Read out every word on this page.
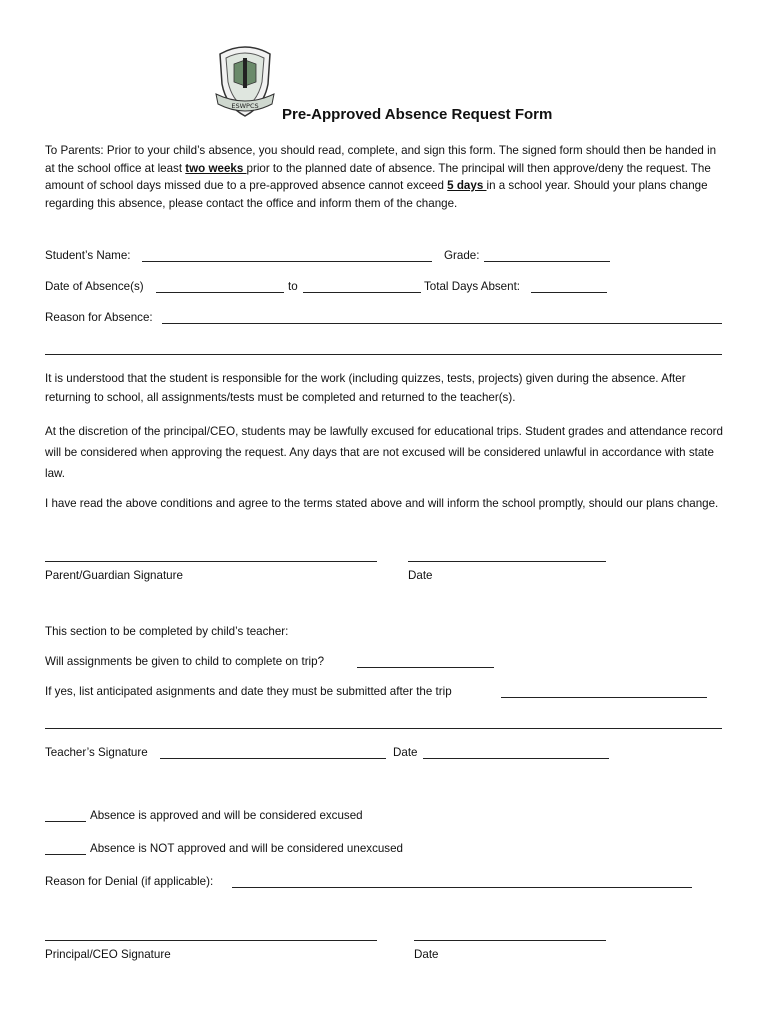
ESWPCS Pre-Approved Absence Request Form
To Parents: Prior to your child’s absence, you should read, complete, and sign this form. The signed form should then be handed in at the school office at least two weeks prior to the planned date of absence. The principal will then approve/deny the request. The amount of school days missed due to a pre-approved absence cannot exceed 5 days in a school year. Should your plans change regarding this absence, please contact the office and inform them of the change.
Student’s Name:	Grade:
Date of Absence(s)	to	Total Days Absent:
Reason for Absence:
It is understood that the student is responsible for the work (including quizzes, tests, projects) given during the absence. After returning to school, all assignments/tests must be completed and returned to the teacher(s).
At the discretion of the principal/CEO, students may be lawfully excused for educational trips. Student grades and attendance record will be considered when approving the request. Any days that are not excused will be considered unlawful in accordance with state law.
I have read the above conditions and agree to the terms stated above and will inform the school promptly, should our plans change.
Parent/Guardian Signature	Date
This section to be completed by child’s teacher:
Will assignments be given to child to complete on trip?
If yes, list anticipated asignments and date they must be submitted after the trip
Teacher’s Signature	Date
Absence is approved and will be considered excused
Absence is NOT approved and will be considered unexcused
Reason for Denial (if applicable):
Principal/CEO Signature	Date
